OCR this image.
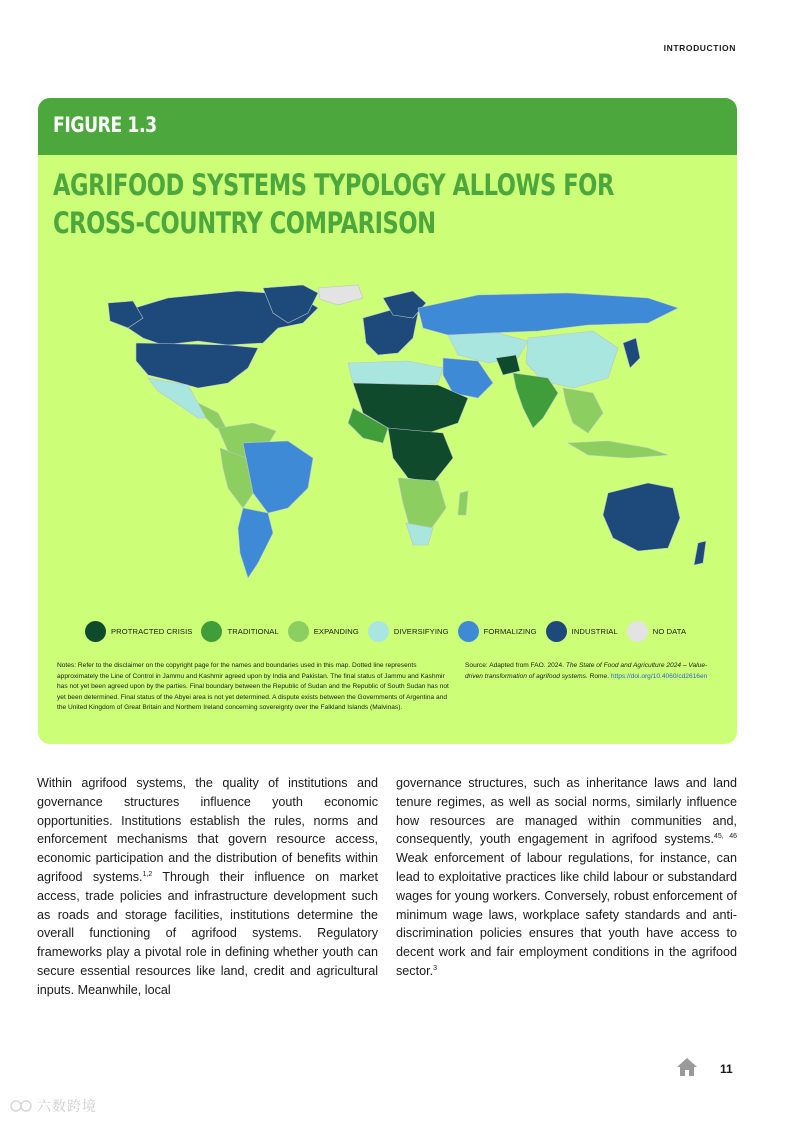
INTRODUCTION
FIGURE 1.3
AGRIFOOD SYSTEMS TYPOLOGY ALLOWS FOR
CROSS-COUNTRY COMPARISON
PROTRACTED CRISIS	TRADITIONAL	EXPANDING	DIVERSIFYING	FORMALIZING	INDUSTRIAL	NO DATA

Notes: Refer to the disclaimer on the copyright page for the names and boundaries used in this map. Dotted line represents approximately the Line of Control in Jammu and Kashmir agreed upon by India and Pakistan. The final status of Jammu and Kashmir has not yet been agreed upon by the parties. Final boundary between the Republic of Sudan and the Republic of South Sudan has not yet been determined. Final status of the Abyei area is not yet determined. A dispute exists between the Governments of Argentina and the United Kingdom of Great Britain and Northern Ireland concerning sovereignty over the Falkland Islands (Malvinas).

Source: Adapted from FAO. 2024. The State of Food and Agriculture 2024 – Value-driven transformation of agrifood systems. Rome. https://doi.org/10.4060/cd2616en

Within agrifood systems, the quality of institutions and governance structures influence youth economic opportunities. Institutions establish the rules, norms and enforcement mechanisms that govern resource access, economic participation and the distribution of benefits within agrifood systems.$^{1,2}$ Through their influence on market access, trade policies and infrastructure development such as roads and storage facilities, institutions determine the overall functioning of agrifood systems. Regulatory frameworks play a pivotal role in defining whether youth can secure essential resources like land, credit and agricultural inputs. Meanwhile, local
governance structures, such as inheritance laws and land tenure regimes, as well as social norms, similarly influence how resources are managed within communities and, consequently, youth engagement in agrifood systems.$^{45, 46}$ Weak enforcement of labour regulations, for instance, can lead to exploitative practices like child labour or substandard wages for young workers. Conversely, robust enforcement of minimum wage laws, workplace safety standards and anti-discrimination policies ensures that youth have access to decent work and fair employment conditions in the agrifood sector.$^3$
11
六数跨境
